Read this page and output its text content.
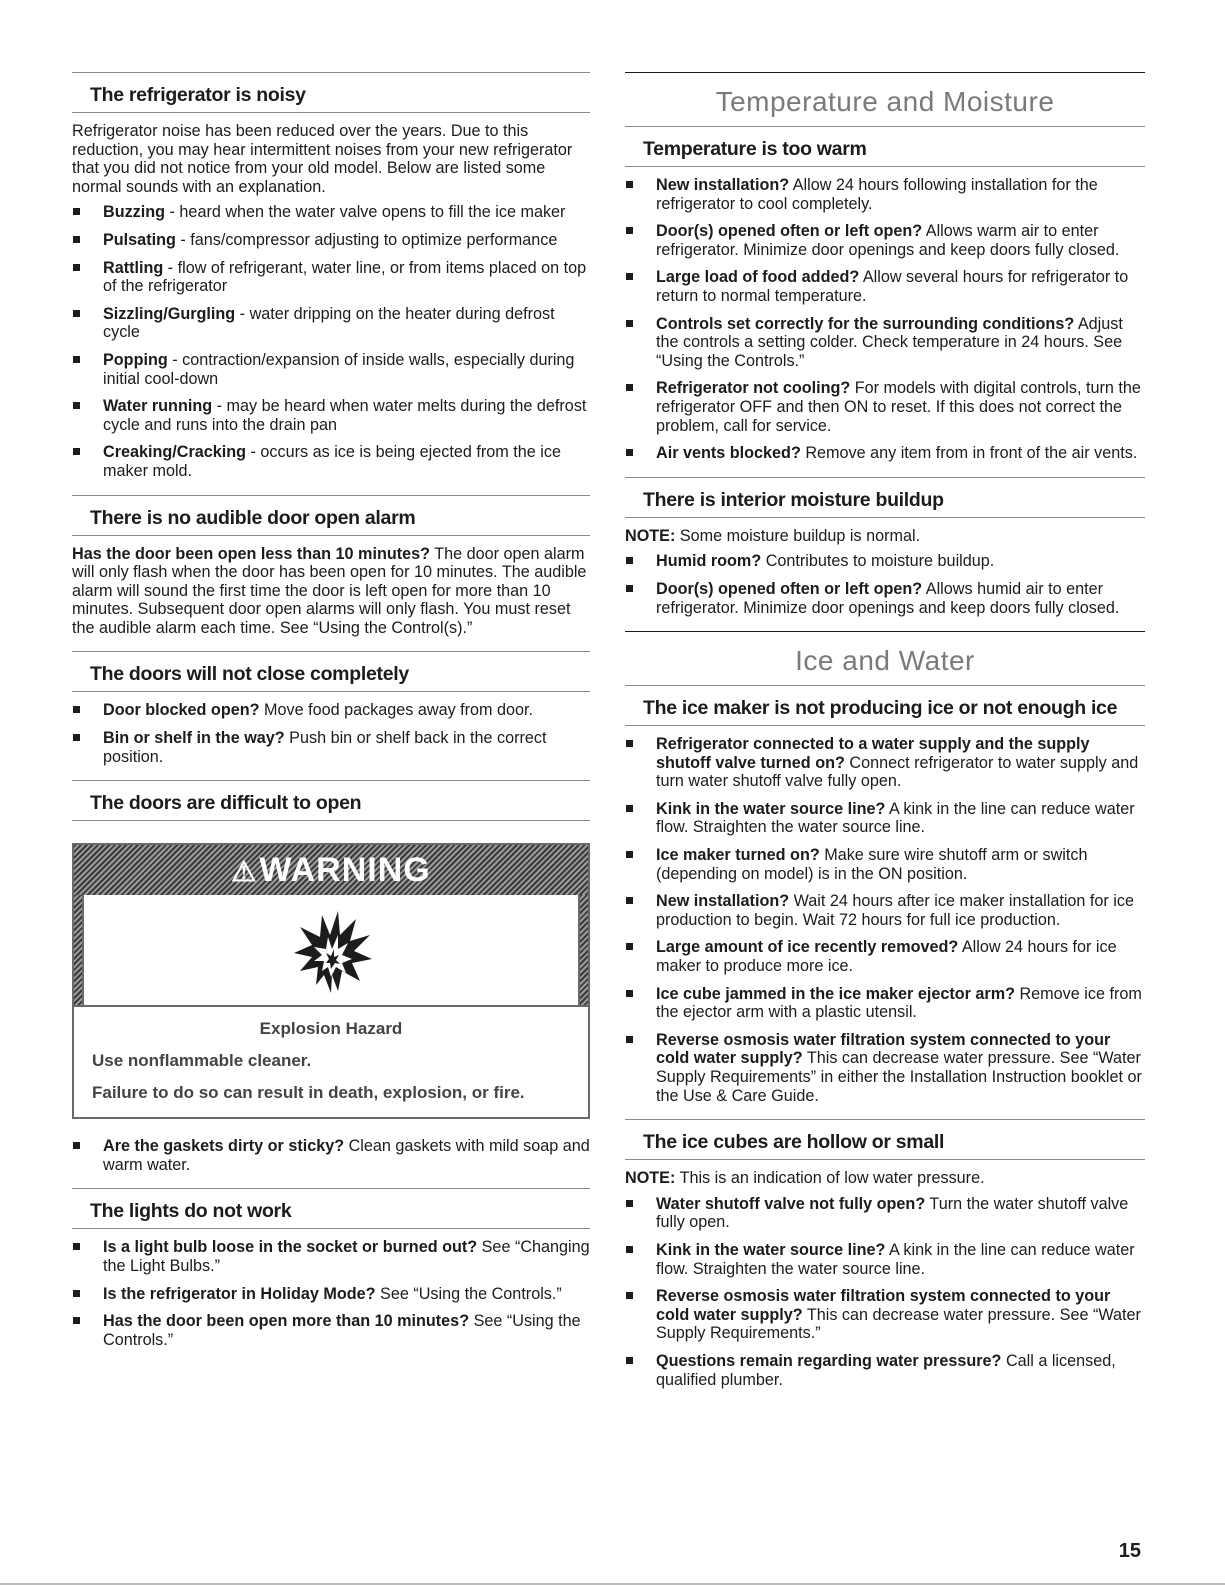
The refrigerator is noisy

Refrigerator noise has been reduced over the years. Due to this reduction, you may hear intermittent noises from your new refrigerator that you did not notice from your old model. Below are listed some normal sounds with an explanation.

Buzzing - heard when the water valve opens to fill the ice maker
Pulsating - fans/compressor adjusting to optimize performance
Rattling - flow of refrigerant, water line, or from items placed on top of the refrigerator
Sizzling/Gurgling - water dripping on the heater during defrost cycle
Popping - contraction/expansion of inside walls, especially during initial cool-down
Water running - may be heard when water melts during the defrost cycle and runs into the drain pan
Creaking/Cracking - occurs as ice is being ejected from the ice maker mold.
There is no audible door open alarm

Has the door been open less than 10 minutes? The door open alarm will only flash when the door has been open for 10 minutes. The audible alarm will sound the first time the door is left open for more than 10 minutes. Subsequent door open alarms will only flash. You must reset the audible alarm each time. See “Using the Control(s).”

The doors will not close completely
Door blocked open? Move food packages away from door.
Bin or shelf in the way? Push bin or shelf back in the correct position.
The doors are difficult to open
⚠WARNING
Explosion Hazard
Use nonflammable cleaner.
Failure to do so can result in death, explosion, or fire.
Are the gaskets dirty or sticky? Clean gaskets with mild soap and warm water.
The lights do not work
Is a light bulb loose in the socket or burned out? See “Changing the Light Bulbs.”
Is the refrigerator in Holiday Mode? See “Using the Controls.”
Has the door been open more than 10 minutes? See “Using the Controls.”
Temperature and Moisture
Temperature is too warm
New installation? Allow 24 hours following installation for the refrigerator to cool completely.
Door(s) opened often or left open? Allows warm air to enter refrigerator. Minimize door openings and keep doors fully closed.
Large load of food added? Allow several hours for refrigerator to return to normal temperature.
Controls set correctly for the surrounding conditions? Adjust the controls a setting colder. Check temperature in 24 hours. See “Using the Controls.”
Refrigerator not cooling? For models with digital controls, turn the refrigerator OFF and then ON to reset. If this does not correct the problem, call for service.
Air vents blocked? Remove any item from in front of the air vents.
There is interior moisture buildup

NOTE: Some moisture buildup is normal.

Humid room? Contributes to moisture buildup.
Door(s) opened often or left open? Allows humid air to enter refrigerator. Minimize door openings and keep doors fully closed.
Ice and Water
The ice maker is not producing ice or not enough ice
Refrigerator connected to a water supply and the supply shutoff valve turned on? Connect refrigerator to water supply and turn water shutoff valve fully open.
Kink in the water source line? A kink in the line can reduce water flow. Straighten the water source line.
Ice maker turned on? Make sure wire shutoff arm or switch (depending on model) is in the ON position.
New installation? Wait 24 hours after ice maker installation for ice production to begin. Wait 72 hours for full ice production.
Large amount of ice recently removed? Allow 24 hours for ice maker to produce more ice.
Ice cube jammed in the ice maker ejector arm? Remove ice from the ejector arm with a plastic utensil.
Reverse osmosis water filtration system connected to your cold water supply? This can decrease water pressure. See “Water Supply Requirements” in either the Installation Instruction booklet or the Use & Care Guide.
The ice cubes are hollow or small

NOTE: This is an indication of low water pressure.

Water shutoff valve not fully open? Turn the water shutoff valve fully open.
Kink in the water source line? A kink in the line can reduce water flow. Straighten the water source line.
Reverse osmosis water filtration system connected to your cold water supply? This can decrease water pressure. See “Water Supply Requirements.”
Questions remain regarding water pressure? Call a licensed, qualified plumber.
15
